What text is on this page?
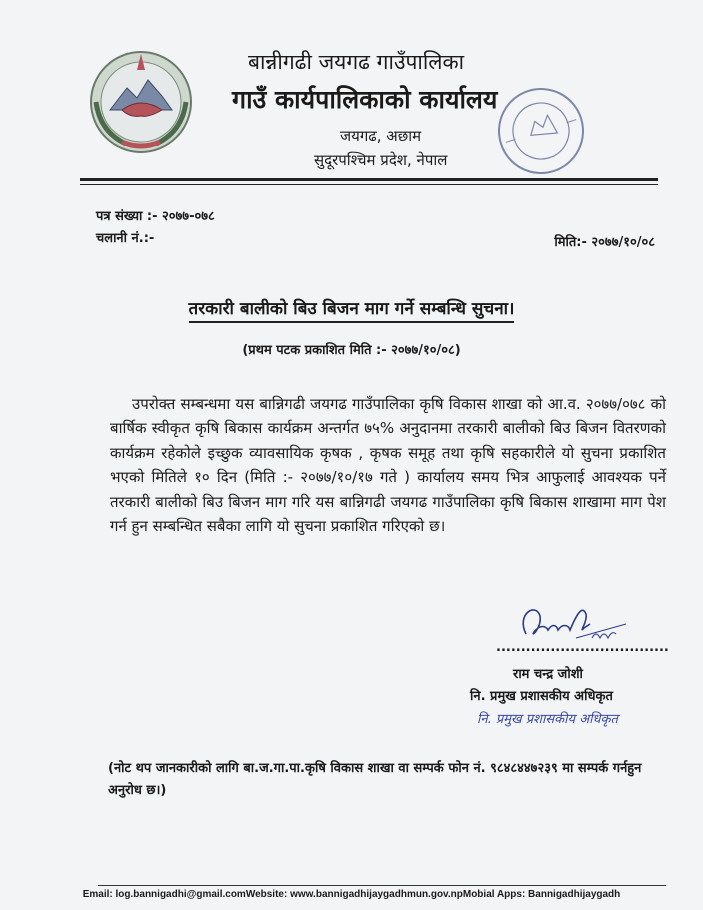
बान्नीगढी जयगढ गाउँपालिका
गाउँ कार्यपालिकाको कार्यालय
जयगढ, अछाम
सुदूरपश्चिम प्रदेश, नेपाल
पत्र संख्या :- २०७७-०७८
चलानी नं.:-	मिति:- २०७७/१०/०८
तरकारी बालीको बिउ बिजन माग गर्ने सम्बन्धि सुचना।
(प्रथम पटक प्रकाशित मिति :- २०७७/१०/०८)
उपरोक्त सम्बन्धमा यस बान्निगढी जयगढ गाउँपालिका कृषि विकास शाखा को आ.व. २०७७/०७८ को बार्षिक स्वीकृत कृषि बिकास कार्यक्रम अन्तर्गत ७५% अनुदानमा तरकारी बालीको बिउ बिजन वितरणको कार्यक्रम रहेकोले इच्छुक व्यावसायिक कृषक , कृषक समूह तथा कृषि सहकारीले यो सुचना प्रकाशित भएको मितिले १० दिन (मिति :- २०७७/१०/१७ गते ) कार्यालय समय भित्र आफुलाई आवश्यक पर्ने तरकारी बालीको बिउ बिजन माग गरि यस बान्निगढी जयगढ गाउँपालिका कृषि बिकास शाखामा माग पेश गर्न हुन सम्बन्धित सबैका लागि यो सुचना प्रकाशित गरिएको छ।
...................................
राम चन्द्र जोशी
नि. प्रमुख प्रशासकीय अधिकृत
नि. प्रमुख प्रशासकीय अधिकृत
(नोट थप जानकारीको लागि बा.ज.गा.पा.कृषि विकास शाखा वा सम्पर्क फोन नं. ९८४८४४७२३९ मा सम्पर्क गर्नहुन अनुरोध छ।)
Email: log.bannigadhi@gmail.comWebsite: www.bannigadhijaygadhmun.gov.npMobial Apps: Bannigadhijaygadh
